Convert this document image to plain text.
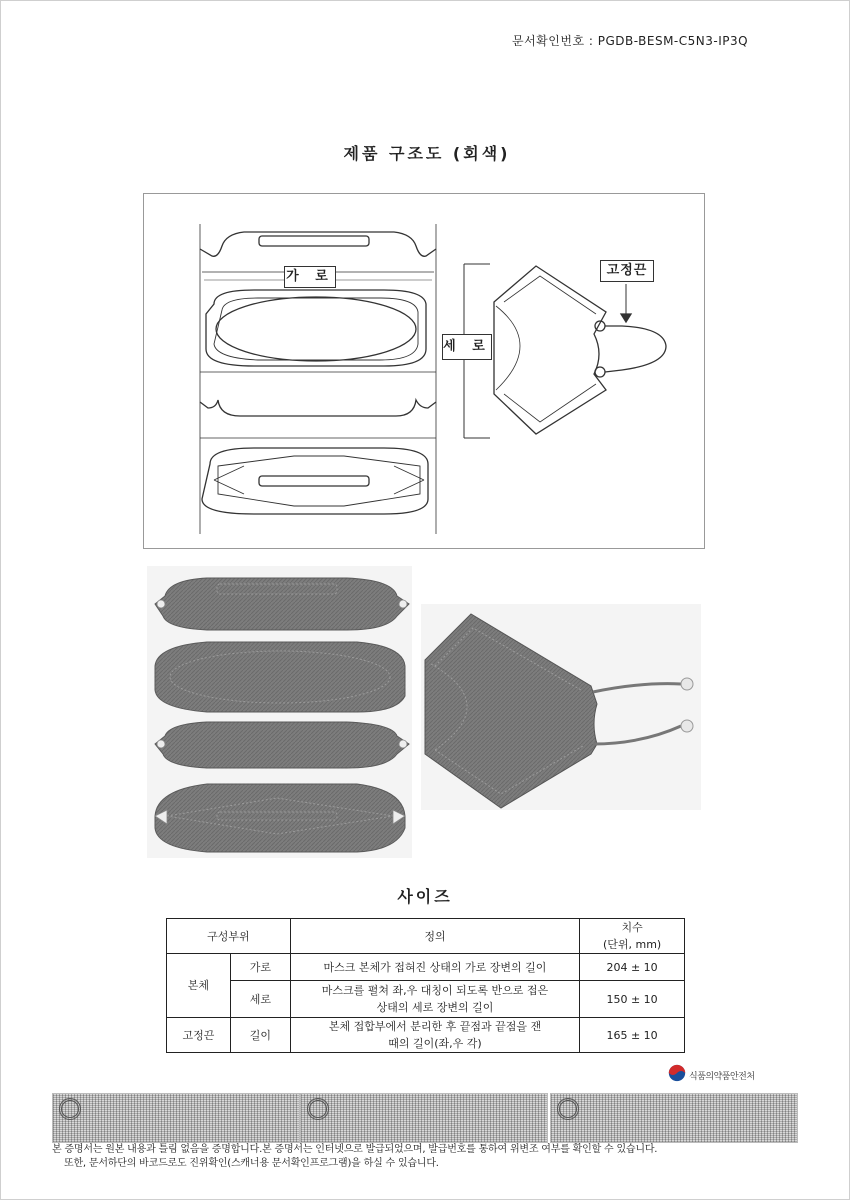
문서확인번호 : PGDB-BESM-C5N3-IP3Q
제품 구조도 (회색)
가 로
세 로
고정끈
사이즈
구성부위		정의	치수
(단위, mm)

본체	가로	마스크 본체가 접혀진 상태의 가로 장변의 길이	204 ± 10
	세로	마스크를 펼쳐 좌,우 대칭이 되도록 반으로 접은
상태의 세로 장변의 길이	150 ± 10
고정끈	길이	본체 접합부에서 분리한 후 끝점과 끝점을 잰
때의 길이(좌,우 각)	165 ± 10
식품의약품안전처
본 증명서는 원본 내용과 틀림 없음을 증명합니다.본 증명서는 인터넷으로 발급되었으며, 발급번호를 통하여 위변조 여부를 확인할 수 있습니다.
또한, 문서하단의 바코드로도 진위확인(스캐너용 문서확인프로그램)을 하실 수 있습니다.
